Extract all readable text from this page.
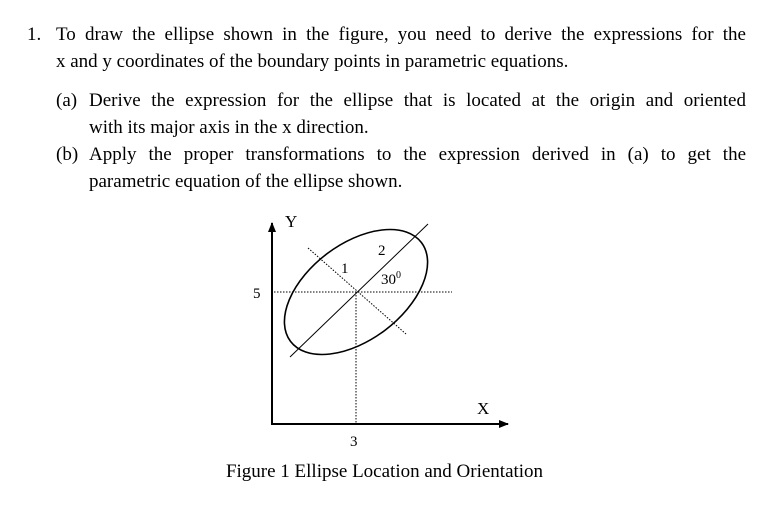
1. To draw the ellipse shown in the figure, you need to derive the expressions for the
x and y coordinates of the boundary points in parametric equations.
(a) Derive the expression for the ellipse that is located at the origin and oriented
with its major axis in the x direction.
(b) Apply the proper transformations to the expression derived in (a) to get the
parametric equation of the ellipse shown.
Y
X
5
3
1
2
$30^0$
Figure 1 Ellipse Location and Orientation
